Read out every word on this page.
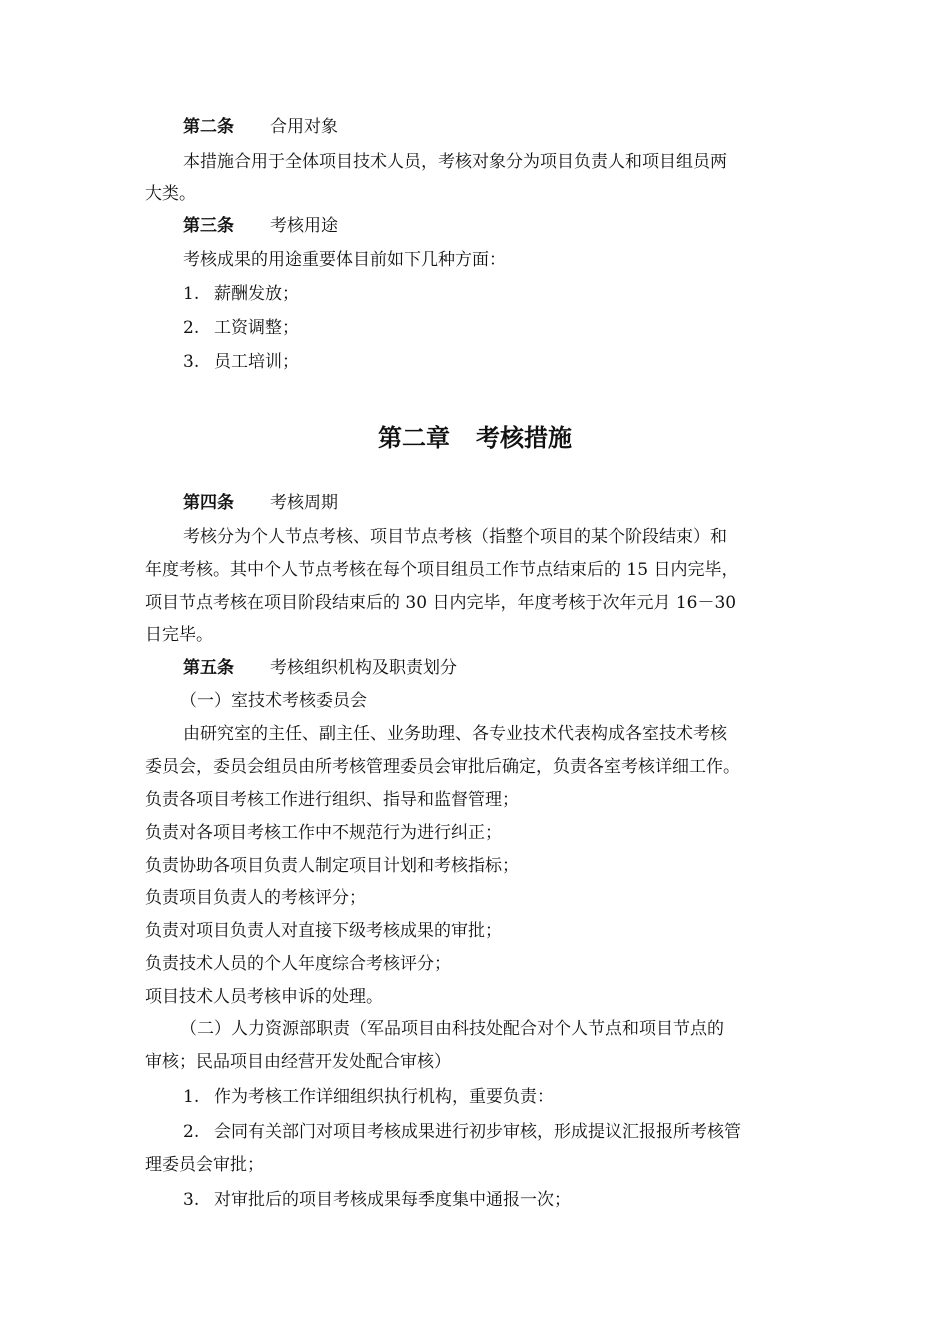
第二条 合用对象
本措施合用于全体项目技术人员，考核对象分为项目负责人和项目组员两
大类。
第三条 考核用途
考核成果的用途重要体目前如下几种方面：
1. 薪酬发放；
2. 工资调整；
3. 员工培训；
第二章 考核措施
第四条 考核周期
考核分为个人节点考核、项目节点考核（指整个项目的某个阶段结束）和
年度考核。其中个人节点考核在每个项目组员工作节点结束后的 15 日内完毕，
项目节点考核在项目阶段结束后的 30 日内完毕，年度考核于次年元月 16－30
日完毕。
第五条 考核组织机构及职责划分
（一）室技术考核委员会
由研究室的主任、副主任、业务助理、各专业技术代表构成各室技术考核
委员会，委员会组员由所考核管理委员会审批后确定，负责各室考核详细工作。
负责各项目考核工作进行组织、指导和监督管理；
负责对各项目考核工作中不规范行为进行纠正；
负责协助各项目负责人制定项目计划和考核指标；
负责项目负责人的考核评分；
负责对项目负责人对直接下级考核成果的审批；
负责技术人员的个人年度综合考核评分；
项目技术人员考核申诉的处理。
（二）人力资源部职责（军品项目由科技处配合对个人节点和项目节点的
审核；民品项目由经营开发处配合审核）
1. 作为考核工作详细组织执行机构，重要负责：
2. 会同有关部门对项目考核成果进行初步审核，形成提议汇报报所考核管
理委员会审批；
3. 对审批后的项目考核成果每季度集中通报一次；
